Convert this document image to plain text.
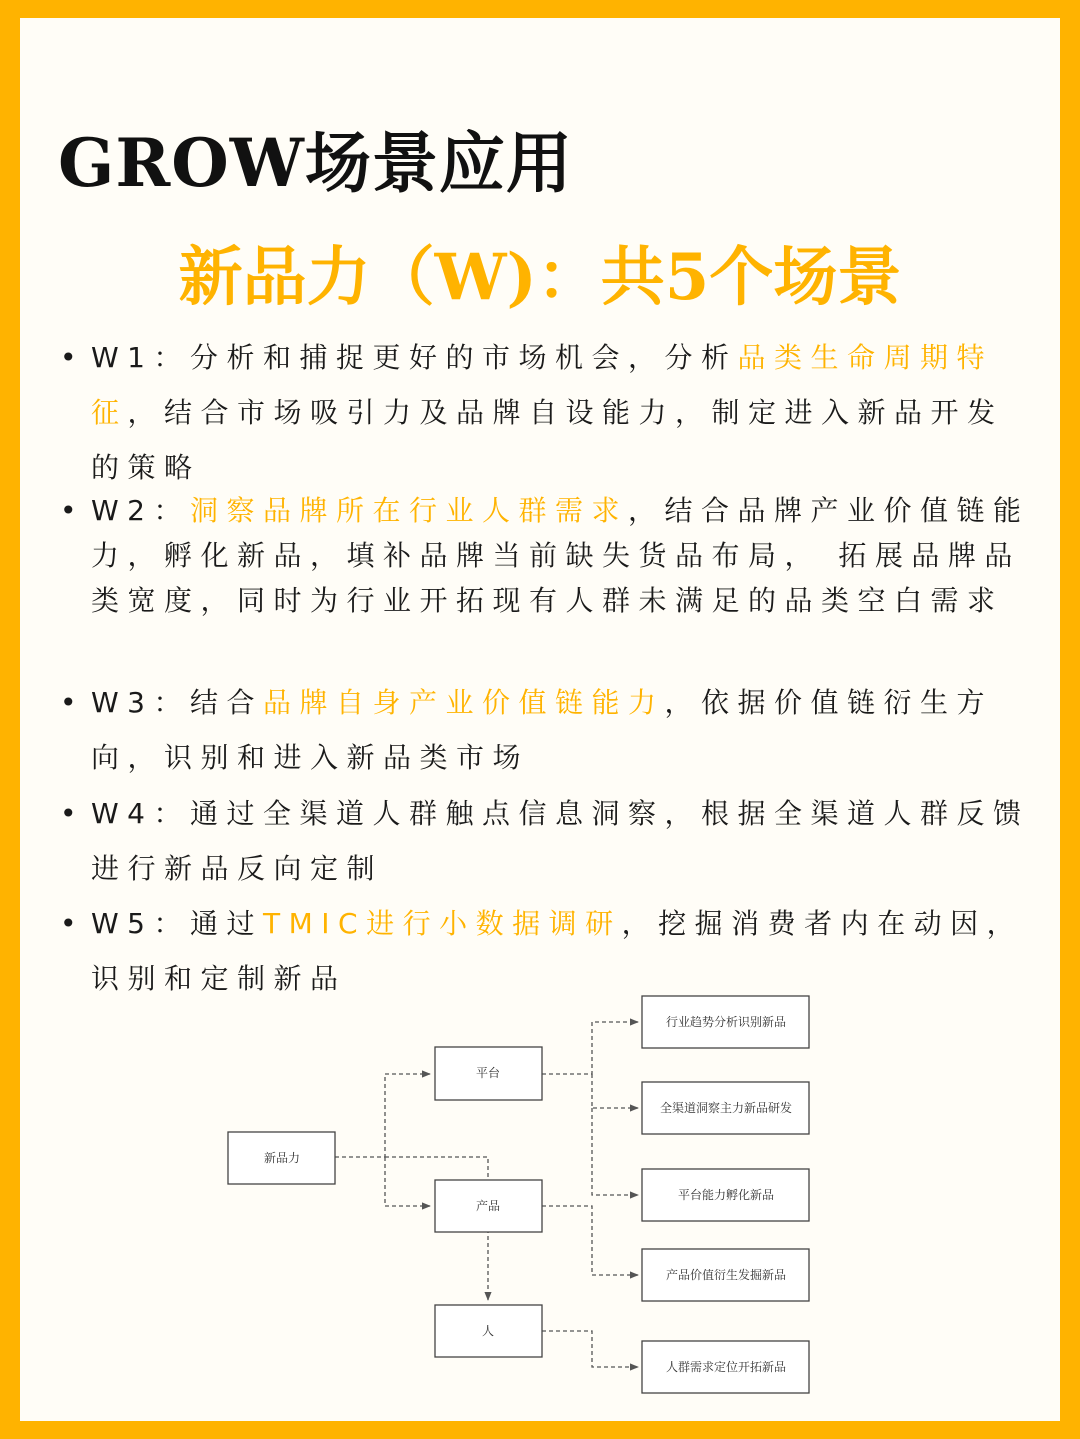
GROW场景应用
新品力（W)：共5个场景
• W1：分析和捕捉更好的市场机会，分析品类生命周期特征，结合市场吸引力及品牌自设能力，制定进入新品开发的策略
• W2：洞察品牌所在行业人群需求，结合品牌产业价值链能力，孵化新品，填补品牌当前缺失货品布局， 拓展品牌品类宽度，同时为行业开拓现有人群未满足的品类空白需求
• W3：结合品牌自身产业价值链能力，依据价值链衍生方向，识别和进入新品类市场
• W4：通过全渠道人群触点信息洞察，根据全渠道人群反馈进行新品反向定制
• W5：通过TMIC进行小数据调研，挖掘消费者内在动因，识别和定制新品
新品力
平台
产品
人
行业趋势分析识别新品
全渠道洞察主力新品研发
平台能力孵化新品
产品价值衍生发掘新品
人群需求定位开拓新品
